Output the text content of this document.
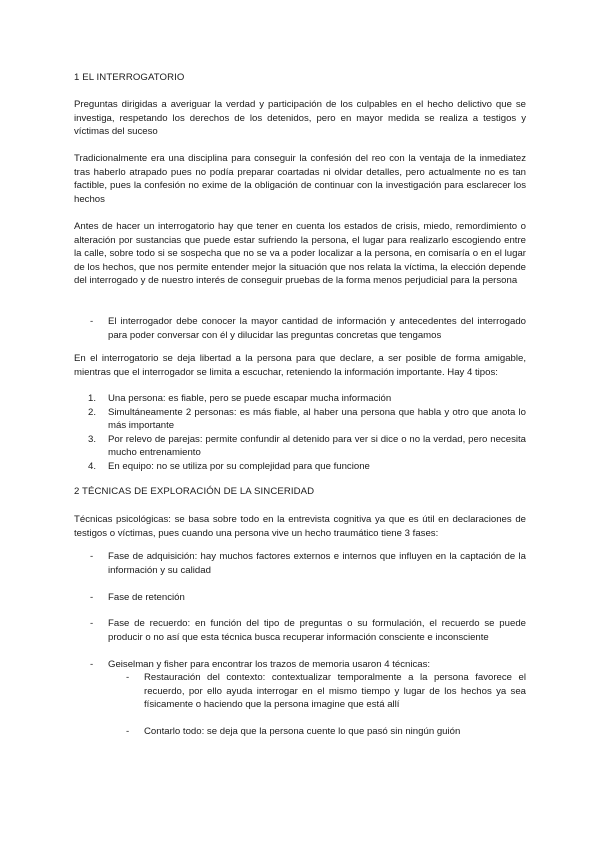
1 EL INTERROGATORIO

Preguntas dirigidas a averiguar la verdad y participación de los culpables en el hecho delictivo que se investiga, respetando los derechos de los detenidos, pero en mayor medida se realiza a testigos y víctimas del suceso

Tradicionalmente era una disciplina para conseguir la confesión del reo con la ventaja de la inmediatez tras haberlo atrapado pues no podía preparar coartadas ni olvidar detalles, pero actualmente no es tan factible, pues la confesión no exime de la obligación de continuar con la investigación para esclarecer los hechos

Antes de hacer un interrogatorio hay que tener en cuenta los estados de crisis, miedo, remordimiento o alteración por sustancias que puede estar sufriendo la persona, el lugar para realizarlo escogiendo entre la calle, sobre todo si se sospecha que no se va a poder localizar a la persona, en comisaría o en el lugar de los hechos, que nos permite entender mejor la situación que nos relata la víctima, la elección depende del interrogado y de nuestro interés de conseguir pruebas de la forma menos perjudicial para la persona

- El interrogador debe conocer la mayor cantidad de información y antecedentes del interrogado para poder conversar con él y dilucidar las preguntas concretas que tengamos

En el interrogatorio se deja libertad a la persona para que declare, a ser posible de forma amigable, mientras que el interrogador se limita a escuchar, reteniendo la información importante. Hay 4 tipos:

1. Una persona: es fiable, pero se puede escapar mucha información
2. Simultáneamente 2 personas: es más fiable, al haber una persona que habla y otro que anota lo más importante
3. Por relevo de parejas: permite confundir al detenido para ver si dice o no la verdad, pero necesita mucho entrenamiento
4. En equipo: no se utiliza por su complejidad para que funcione

2 TÉCNICAS DE EXPLORACIÓN DE LA SINCERIDAD

Técnicas psicológicas: se basa sobre todo en la entrevista cognitiva ya que es útil en declaraciones de testigos o víctimas, pues cuando una persona vive un hecho traumático tiene 3 fases:

- Fase de adquisición: hay muchos factores externos e internos que influyen en la captación de la información y su calidad
- Fase de retención
- Fase de recuerdo: en función del tipo de preguntas o su formulación, el recuerdo se puede producir o no así que esta técnica busca recuperar información consciente e inconsciente
- Geiselman y fisher para encontrar los trazos de memoria usaron 4 técnicas:
- Restauración del contexto: contextualizar temporalmente a la persona favorece el recuerdo, por ello ayuda interrogar en el mismo tiempo y lugar de los hechos ya sea físicamente o haciendo que la persona imagine que está allí
- Contarlo todo: se deja que la persona cuente lo que pasó sin ningún guión
